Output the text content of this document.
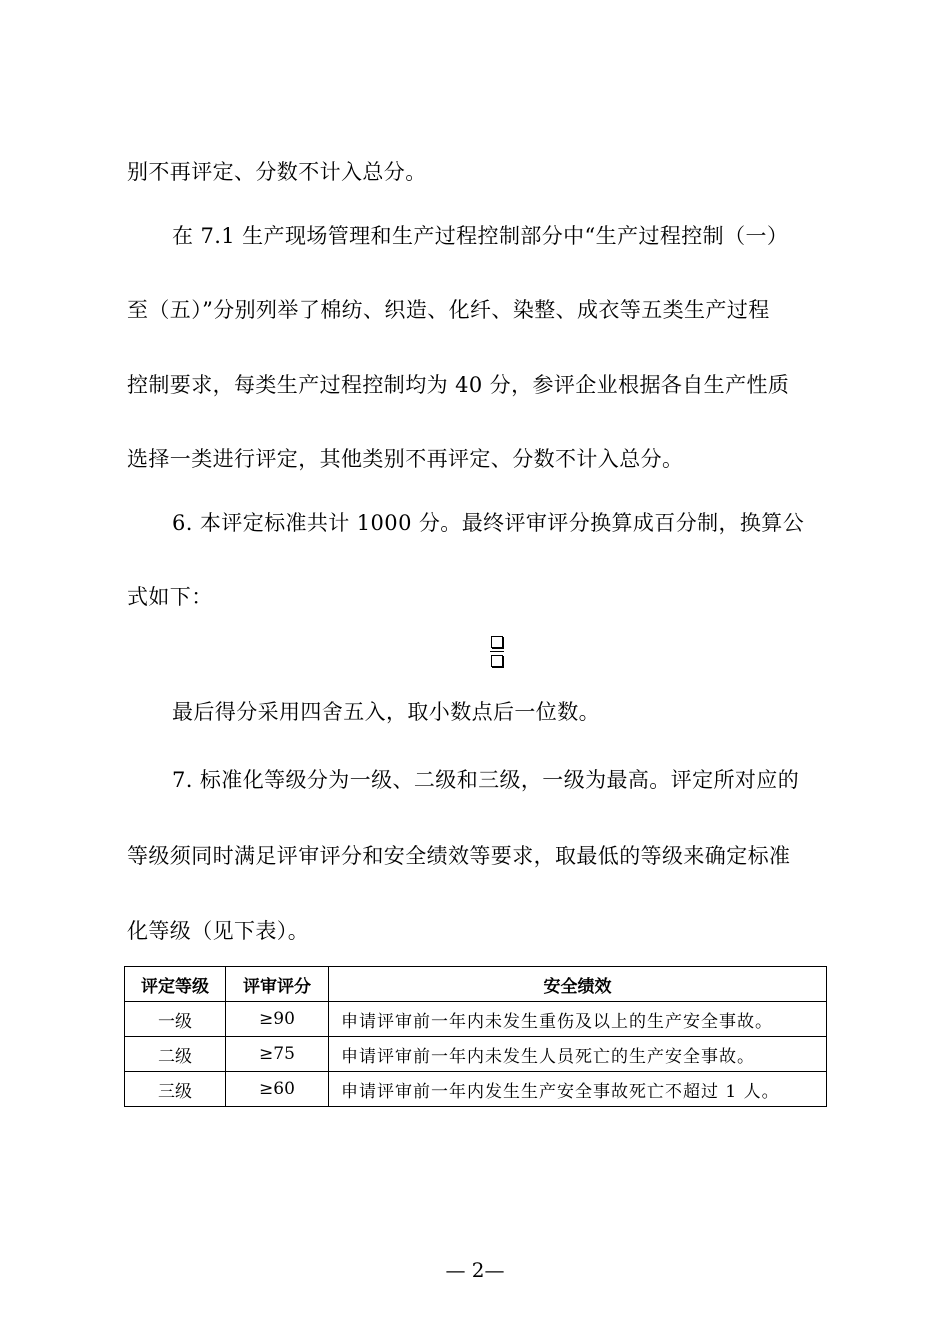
别不再评定、分数不计入总分。
在 7.1 生产现场管理和生产过程控制部分中“生产过程控制（一）
至（五）”分别列举了棉纺、织造、化纤、染整、成衣等五类生产过程
控制要求，每类生产过程控制均为 40 分，参评企业根据各自生产性质
选择一类进行评定，其他类别不再评定、分数不计入总分。
6. 本评定标准共计 1000 分。最终评审评分换算成百分制，换算公
式如下：
最后得分采用四舍五入，取小数点后一位数。
7. 标准化等级分为一级、二级和三级，一级为最高。评定所对应的
等级须同时满足评审评分和安全绩效等要求，取最低的等级来确定标准
化等级（见下表）。
评定等级	评审评分	安全绩效
一级	≥90	申请评审前一年内未发生重伤及以上的生产安全事故。
二级	≥75	申请评审前一年内未发生人员死亡的生产安全事故。
三级	≥60	申请评审前一年内发生生产安全事故死亡不超过 1 人。
— 2—
